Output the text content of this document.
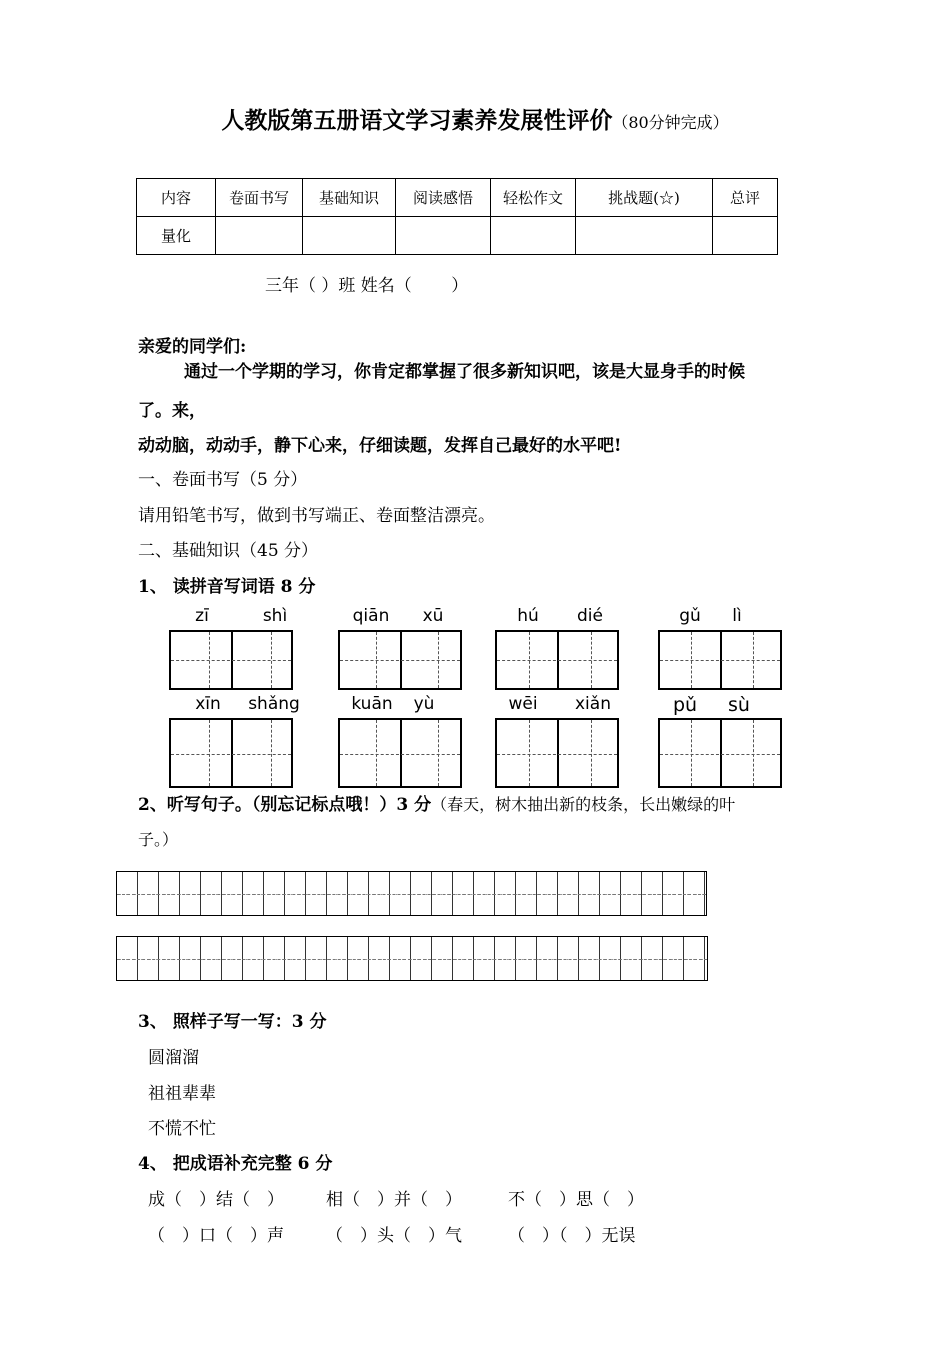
人教版第五册语文学习素养发展性评价（80分钟完成）
内容	卷面书写	基础知识	阅读感悟	轻松作文	挑战题(☆)	总评
量化						
三年（ ）班 姓名（　　 ）
亲爱的同学们:
通过一个学期的学习，你肯定都掌握了很多新知识吧，该是大显身手的时候
了。来，
动动脑，动动手，静下心来，仔细读题，发挥自己最好的水平吧!
一、卷面书写（5 分）
请用铅笔书写，做到书写端正、卷面整洁漂亮。
二、基础知识（45 分）
1、 读拼音写词语 8 分
zī	shì	qiān	xū	hú	dié	gǔ	lì
xīn	shǎng	kuān	yù	wēi	xiǎn	pǔ	sù
2、听写句子。（别忘记标点哦！）3 分（春天，树木抽出新的枝条，长出嫩绿的叶
子。）
3、 照样子写一写：3 分
圆溜溜
祖祖辈辈
不慌不忙
4、 把成语补充完整 6 分
成（　）结（　） 相（　）并（　）	不（　）思（　）
（　）口（　）声 （　）头（　）气	（　）（　）无误
